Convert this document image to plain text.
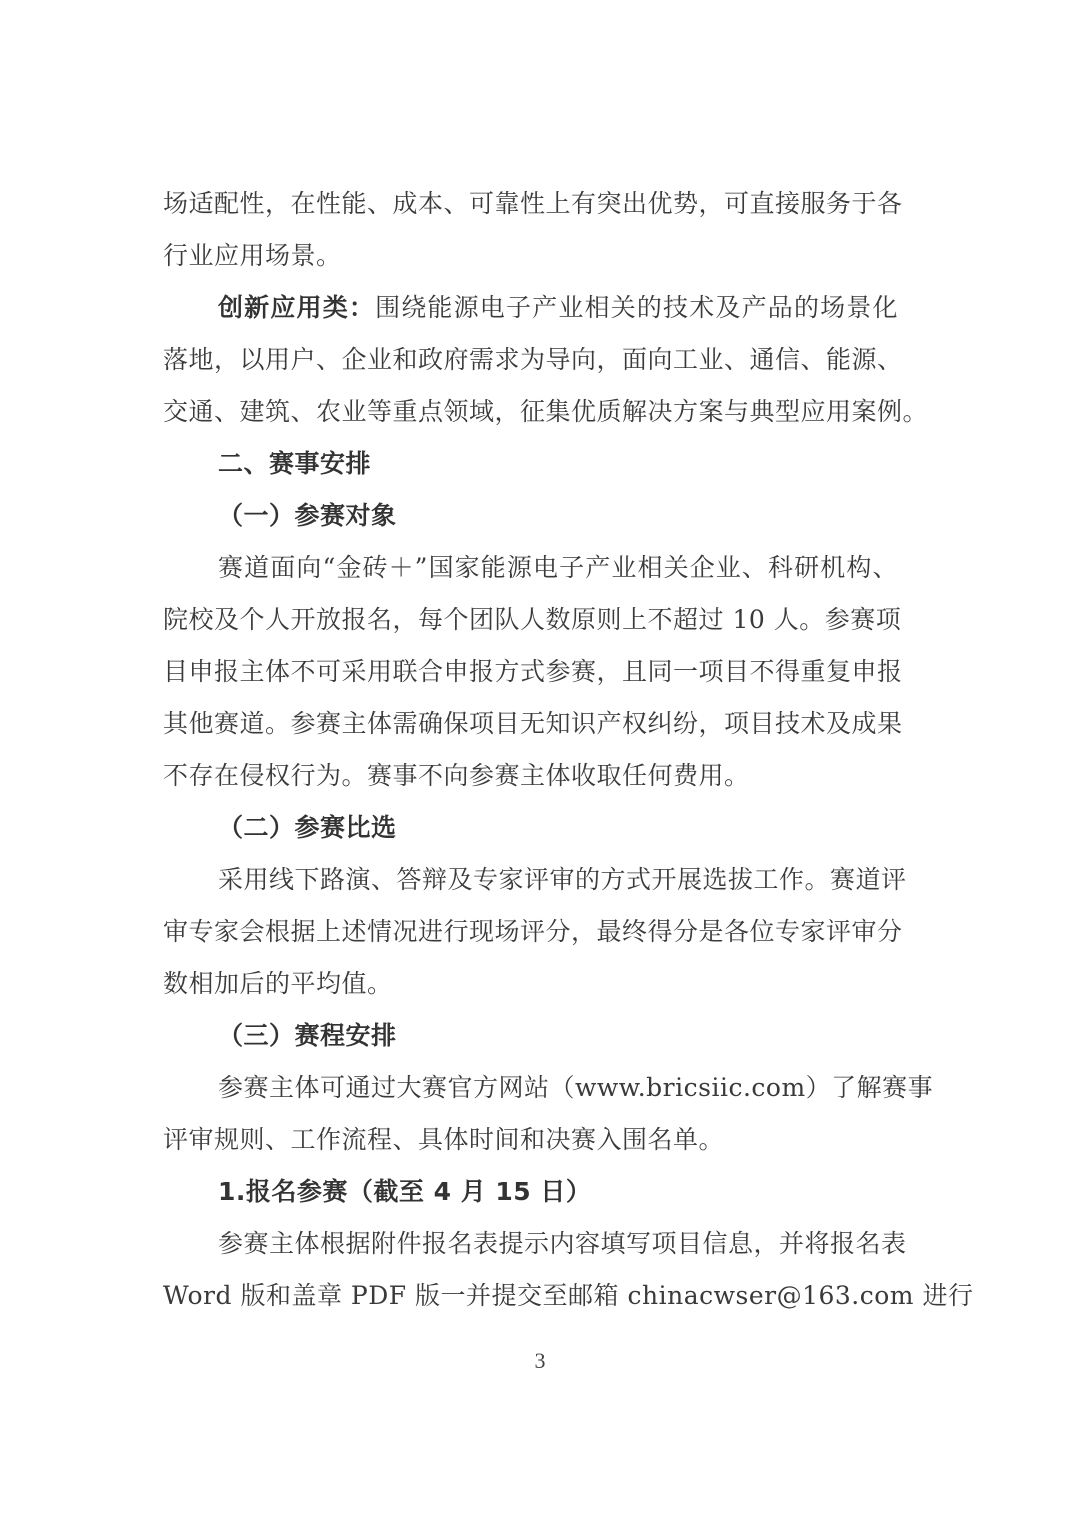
场适配性，在性能、成本、可靠性上有突出优势，可直接服务于各
行业应用场景。
创新应用类：围绕能源电子产业相关的技术及产品的场景化
落地，以用户、企业和政府需求为导向，面向工业、通信、能源、
交通、建筑、农业等重点领域，征集优质解决方案与典型应用案例。
二、赛事安排
（一）参赛对象
赛道面向“金砖＋”国家能源电子产业相关企业、科研机构、
院校及个人开放报名，每个团队人数原则上不超过 10 人。参赛项
目申报主体不可采用联合申报方式参赛，且同一项目不得重复申报
其他赛道。参赛主体需确保项目无知识产权纠纷，项目技术及成果
不存在侵权行为。赛事不向参赛主体收取任何费用。
（二）参赛比选
采用线下路演、答辩及专家评审的方式开展选拔工作。赛道评
审专家会根据上述情况进行现场评分，最终得分是各位专家评审分
数相加后的平均值。
（三）赛程安排
参赛主体可通过大赛官方网站（www.bricsiic.com）了解赛事
评审规则、工作流程、具体时间和决赛入围名单。
1.报名参赛（截至 4 月 15 日）
参赛主体根据附件报名表提示内容填写项目信息，并将报名表
Word 版和盖章 PDF 版一并提交至邮箱 chinacwser@163.com 进行
3
